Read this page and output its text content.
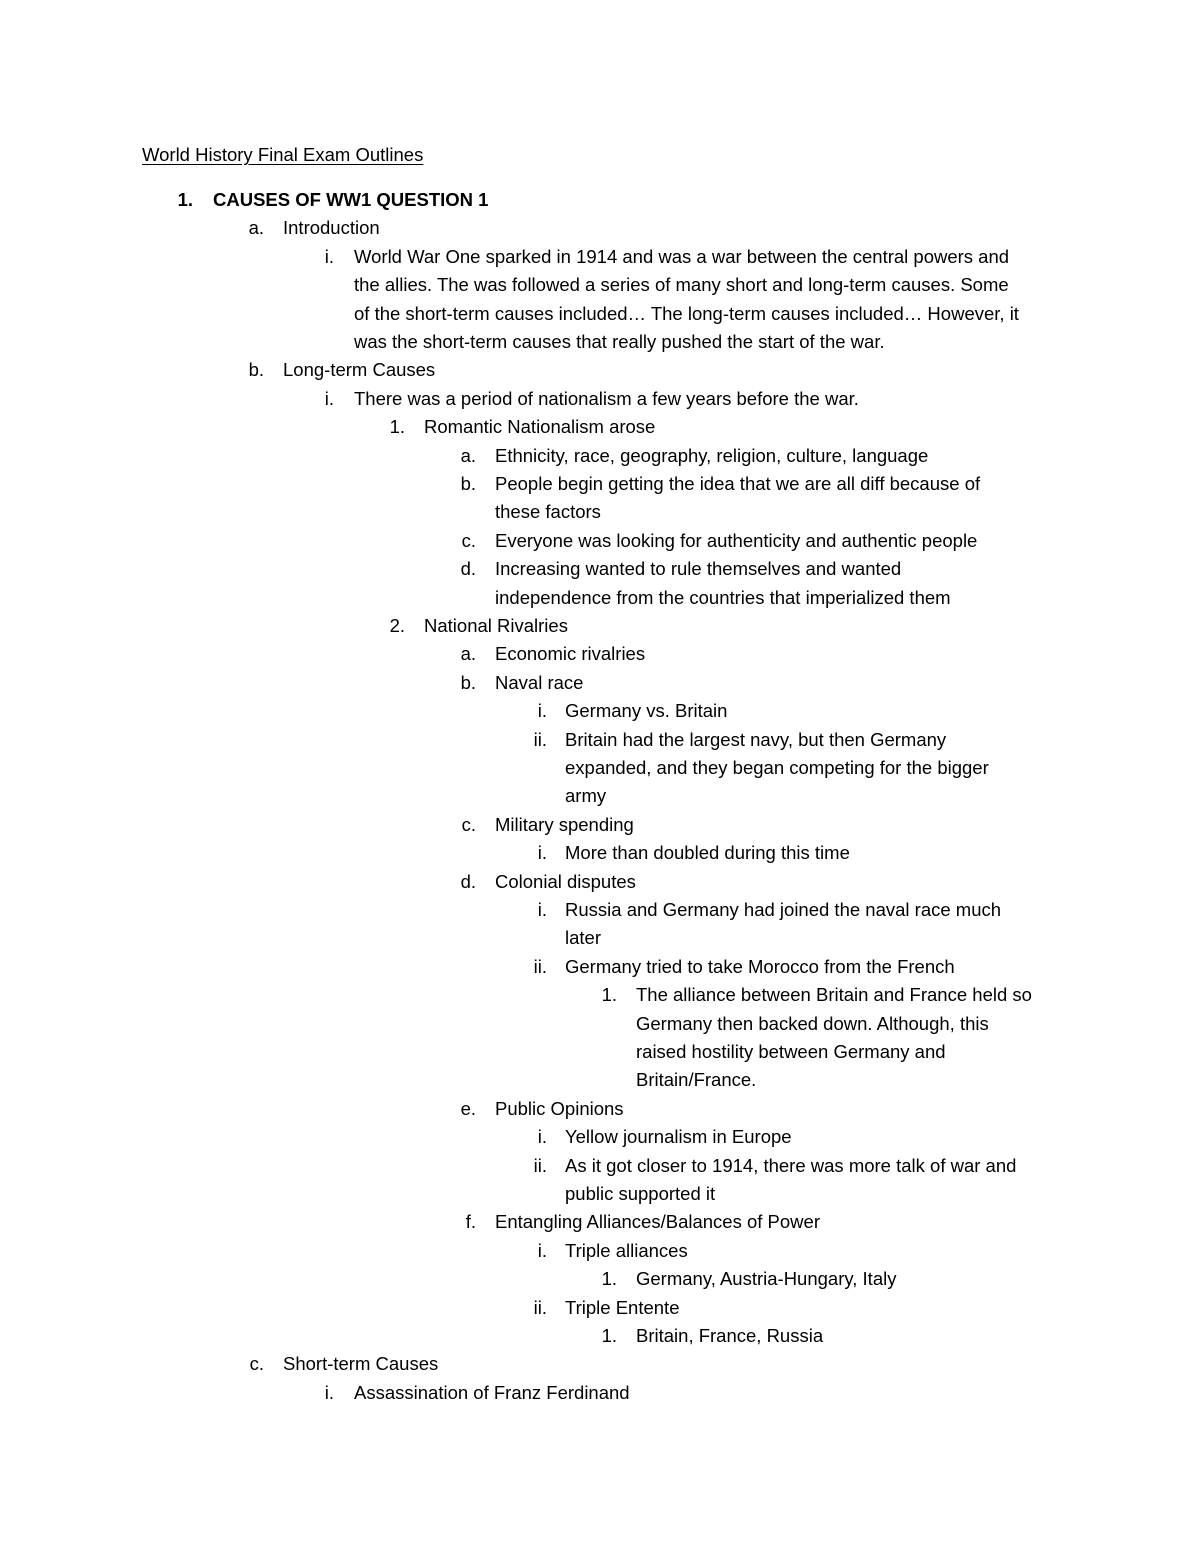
World History Final Exam Outlines
1. CAUSES OF WW1 QUESTION 1
a. Introduction
i. World War One sparked in 1914 and was a war between the central powers and
the allies. The was followed a series of many short and long-term causes. Some
of the short-term causes included… The long-term causes included… However, it
was the short-term causes that really pushed the start of the war.
b. Long-term Causes
i. There was a period of nationalism a few years before the war.
1. Romantic Nationalism arose
a. Ethnicity, race, geography, religion, culture, language
b. People begin getting the idea that we are all diff because of
these factors
c. Everyone was looking for authenticity and authentic people
d. Increasing wanted to rule themselves and wanted
independence from the countries that imperialized them
2. National Rivalries
a. Economic rivalries
b. Naval race
i. Germany vs. Britain
ii. Britain had the largest navy, but then Germany
expanded, and they began competing for the bigger
army
c. Military spending
i. More than doubled during this time
d. Colonial disputes
i. Russia and Germany had joined the naval race much
later
ii. Germany tried to take Morocco from the French
1. The alliance between Britain and France held so
Germany then backed down. Although, this
raised hostility between Germany and
Britain/France.
e. Public Opinions
i. Yellow journalism in Europe
ii. As it got closer to 1914, there was more talk of war and
public supported it
f. Entangling Alliances/Balances of Power
i. Triple alliances
1. Germany, Austria-Hungary, Italy
ii. Triple Entente
1. Britain, France, Russia
c. Short-term Causes
i. Assassination of Franz Ferdinand
